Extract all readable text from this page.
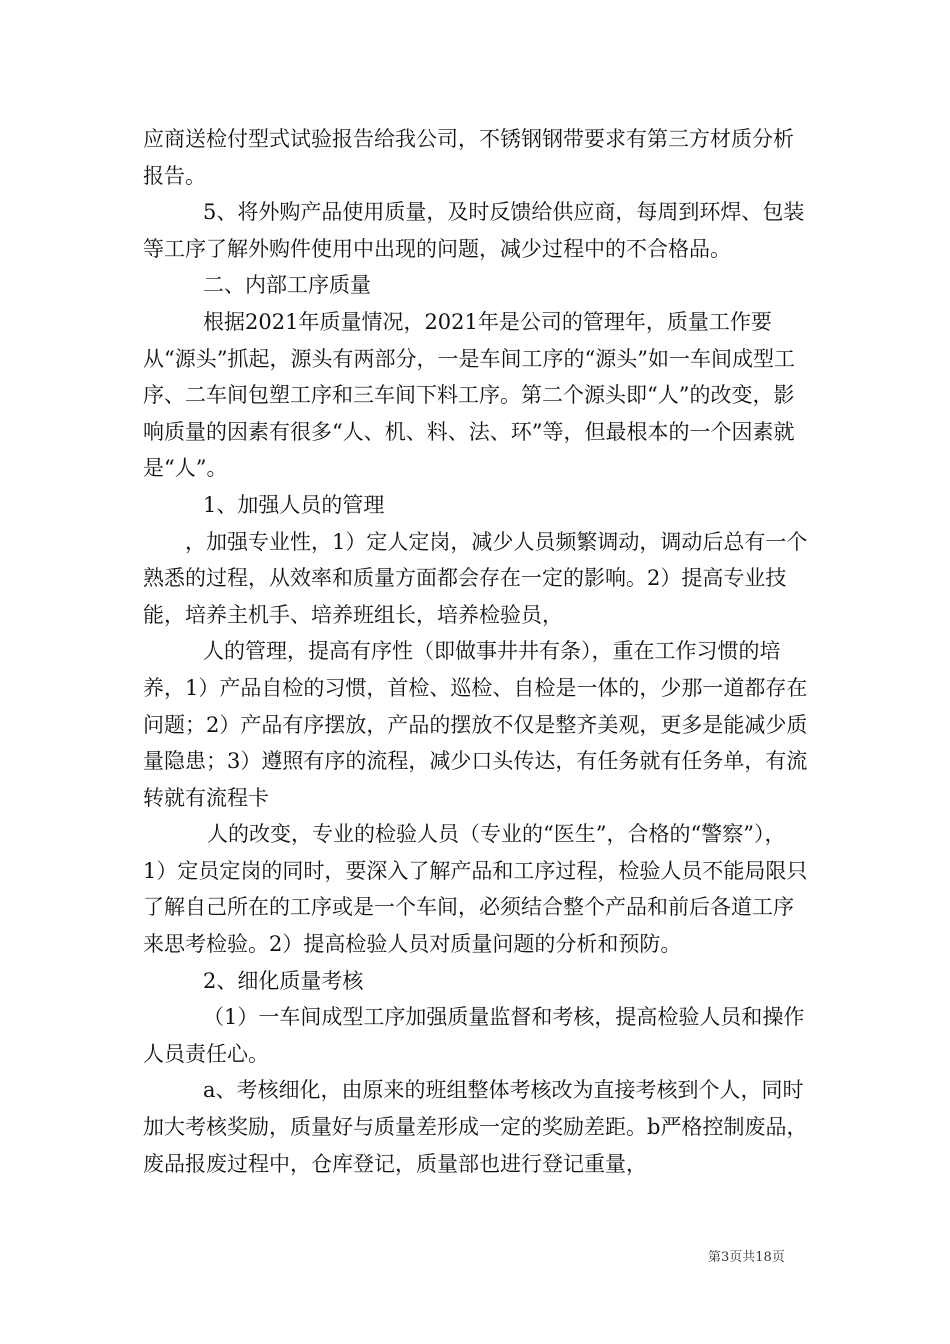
应商送检付型式试验报告给我公司，不锈钢钢带要求有第三方材质分析报告。

5、将外购产品使用质量，及时反馈给供应商，每周到环焊、包装等工序了解外购件使用中出现的问题，减少过程中的不合格品。

二、内部工序质量

根据2021年质量情况，2021年是公司的管理年，质量工作要从“源头”抓起，源头有两部分，一是车间工序的“源头”如一车间成型工序、二车间包塑工序和三车间下料工序。第二个源头即“人”的改变，影响质量的因素有很多“人、机、料、法、环”等，但最根本的一个因素就是“人”。

1、加强人员的管理

，加强专业性，1）定人定岗，减少人员频繁调动，调动后总有一个熟悉的过程，从效率和质量方面都会存在一定的影响。2）提高专业技能，培养主机手、培养班组长，培养检验员，

人的管理，提高有序性（即做事井井有条），重在工作习惯的培养，1）产品自检的习惯，首检、巡检、自检是一体的，少那一道都存在问题；2）产品有序摆放，产品的摆放不仅是整齐美观，更多是能减少质量隐患；3）遵照有序的流程，减少口头传达，有任务就有任务单，有流转就有流程卡

人的改变，专业的检验人员（专业的“医生”，合格的“警察”），1）定员定岗的同时，要深入了解产品和工序过程，检验人员不能局限只了解自己所在的工序或是一个车间，必须结合整个产品和前后各道工序来思考检验。2）提高检验人员对质量问题的分析和预防。

2、细化质量考核

（1）一车间成型工序加强质量监督和考核，提高检验人员和操作人员责任心。

a、考核细化，由原来的班组整体考核改为直接考核到个人，同时加大考核奖励，质量好与质量差形成一定的奖励差距。b严格控制废品，废品报废过程中，仓库登记，质量部也进行登记重量，

第3页共18页
